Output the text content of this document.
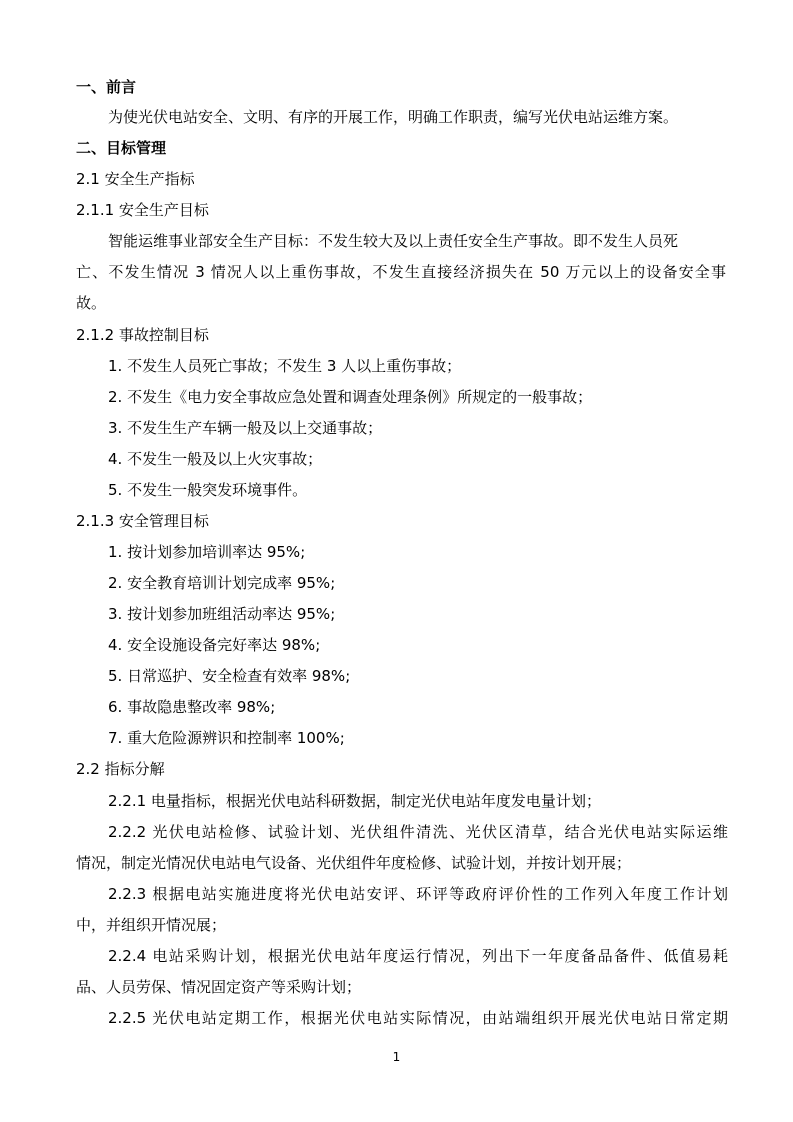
一、前言
为使光伏电站安全、文明、有序的开展工作，明确工作职责，编写光伏电站运维方案。
二、目标管理
2.1 安全生产指标
2.1.1 安全生产目标
智能运维事业部安全生产目标：不发生较大及以上责任安全生产事故。即不发生人员死
亡、不发生情况 3 情况人以上重伤事故，不发生直接经济损失在 50 万元以上的设备安全事
故。
2.1.2 事故控制目标
1. 不发生人员死亡事故；不发生 3 人以上重伤事故；
2. 不发生《电力安全事故应急处置和调查处理条例》所规定的一般事故；
3. 不发生生产车辆一般及以上交通事故；
4. 不发生一般及以上火灾事故；
5. 不发生一般突发环境事件。
2.1.3 安全管理目标
1. 按计划参加培训率达 95%;
2. 安全教育培训计划完成率 95%;
3. 按计划参加班组活动率达 95%;
4. 安全设施设备完好率达 98%;
5. 日常巡护、安全检查有效率 98%;
6. 事故隐患整改率 98%;
7. 重大危险源辨识和控制率 100%;
2.2 指标分解
2.2.1 电量指标，根据光伏电站科研数据，制定光伏电站年度发电量计划；
2.2.2 光伏电站检修、试验计划、光伏组件清洗、光伏区清草，结合光伏电站实际运维
情况，制定光情况伏电站电气设备、光伏组件年度检修、试验计划，并按计划开展；
2.2.3 根据电站实施进度将光伏电站安评、环评等政府评价性的工作列入年度工作计划
中，并组织开情况展；
2.2.4 电站采购计划，根据光伏电站年度运行情况，列出下一年度备品备件、低值易耗
品、人员劳保、情况固定资产等采购计划；
2.2.5 光伏电站定期工作，根据光伏电站实际情况，由站端组织开展光伏电站日常定期
1
